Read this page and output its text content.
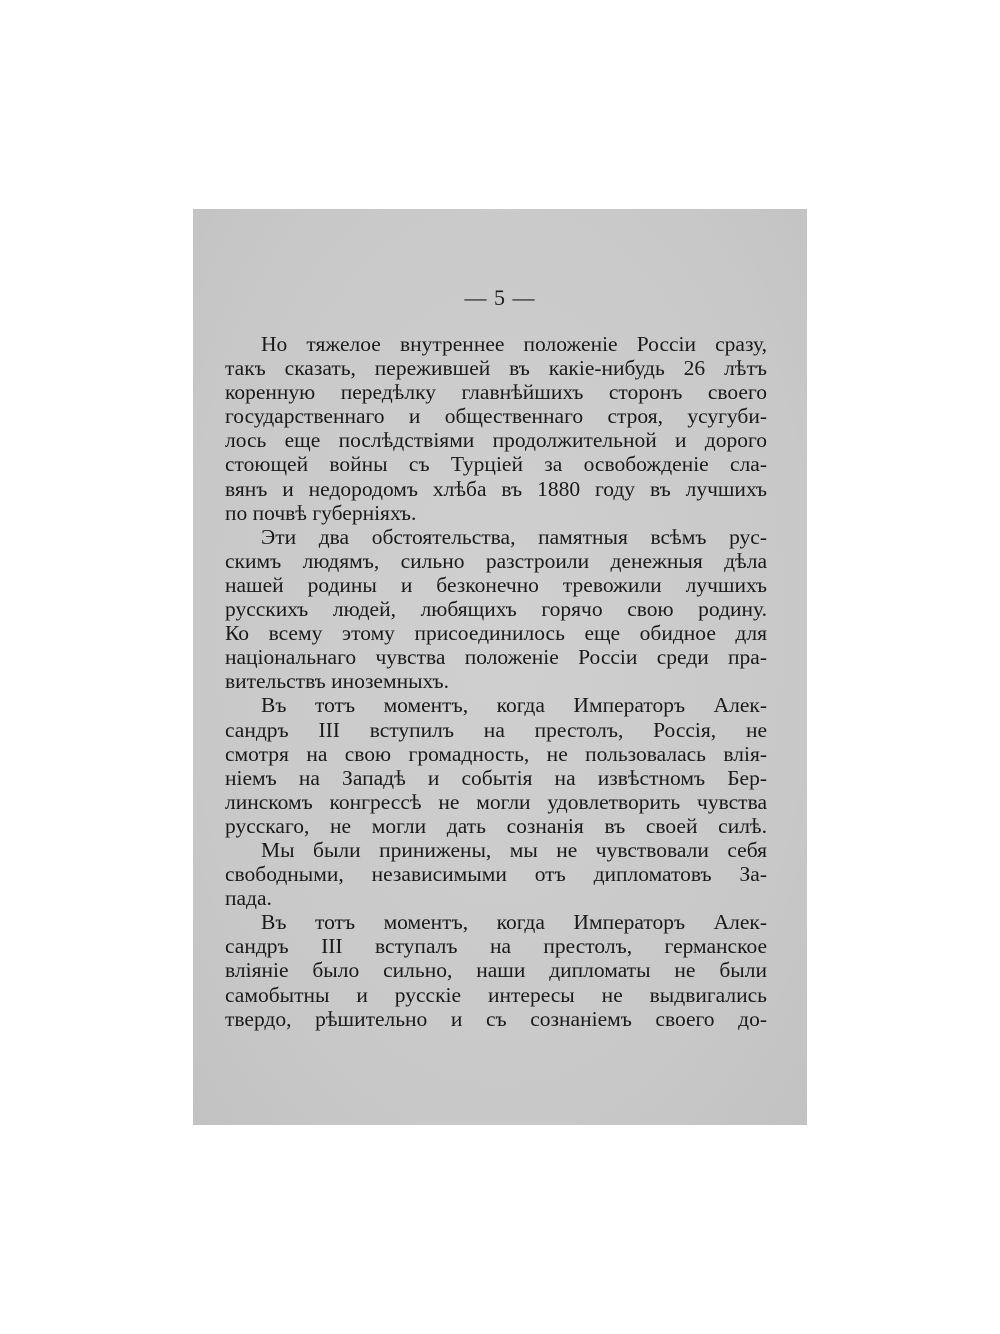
— 5 —
Но тяжелое внутреннее положеніе Россіи сразу,
такъ сказать, пережившей въ какіе-нибудь 26 лѣтъ
коренную передѣлку главнѣйшихъ сторонъ своего
государственнаго и общественнаго строя, усугуби-
лось еще послѣдствіями продолжительной и дорого
стоющей войны съ Турціей за освобожденіе сла-
вянъ и недородомъ хлѣба въ 1880 году въ лучшихъ
по почвѣ губерніяхъ.
Эти два обстоятельства, памятныя всѣмъ рус-
скимъ людямъ, сильно разстроили денежныя дѣла
нашей родины и безконечно тревожили лучшихъ
русскихъ людей, любящихъ горячо свою родину.
Ко всему этому присоединилось еще обидное для
національнаго чувства положеніе Россіи среди пра-
вительствъ иноземныхъ.
Въ тотъ моментъ, когда Императоръ Алек-
сандръ III вступилъ на престолъ, Россія, не
смотря на свою громадность, не пользовалась влія-
ніемъ на Западѣ и событія на извѣстномъ Бер-
линскомъ конгрессѣ не могли удовлетворить чувства
русскаго, не могли дать сознанія въ своей силѣ.
Мы были принижены, мы не чувствовали себя
свободными, независимыми отъ дипломатовъ За-
пада.
Въ тотъ моментъ, когда Императоръ Алек-
сандръ III вступалъ на престолъ, германское
вліяніе было сильно, наши дипломаты не были
самобытны и русскіе интересы не выдвигались
твердо, рѣшительно и съ сознаніемъ своего до-
